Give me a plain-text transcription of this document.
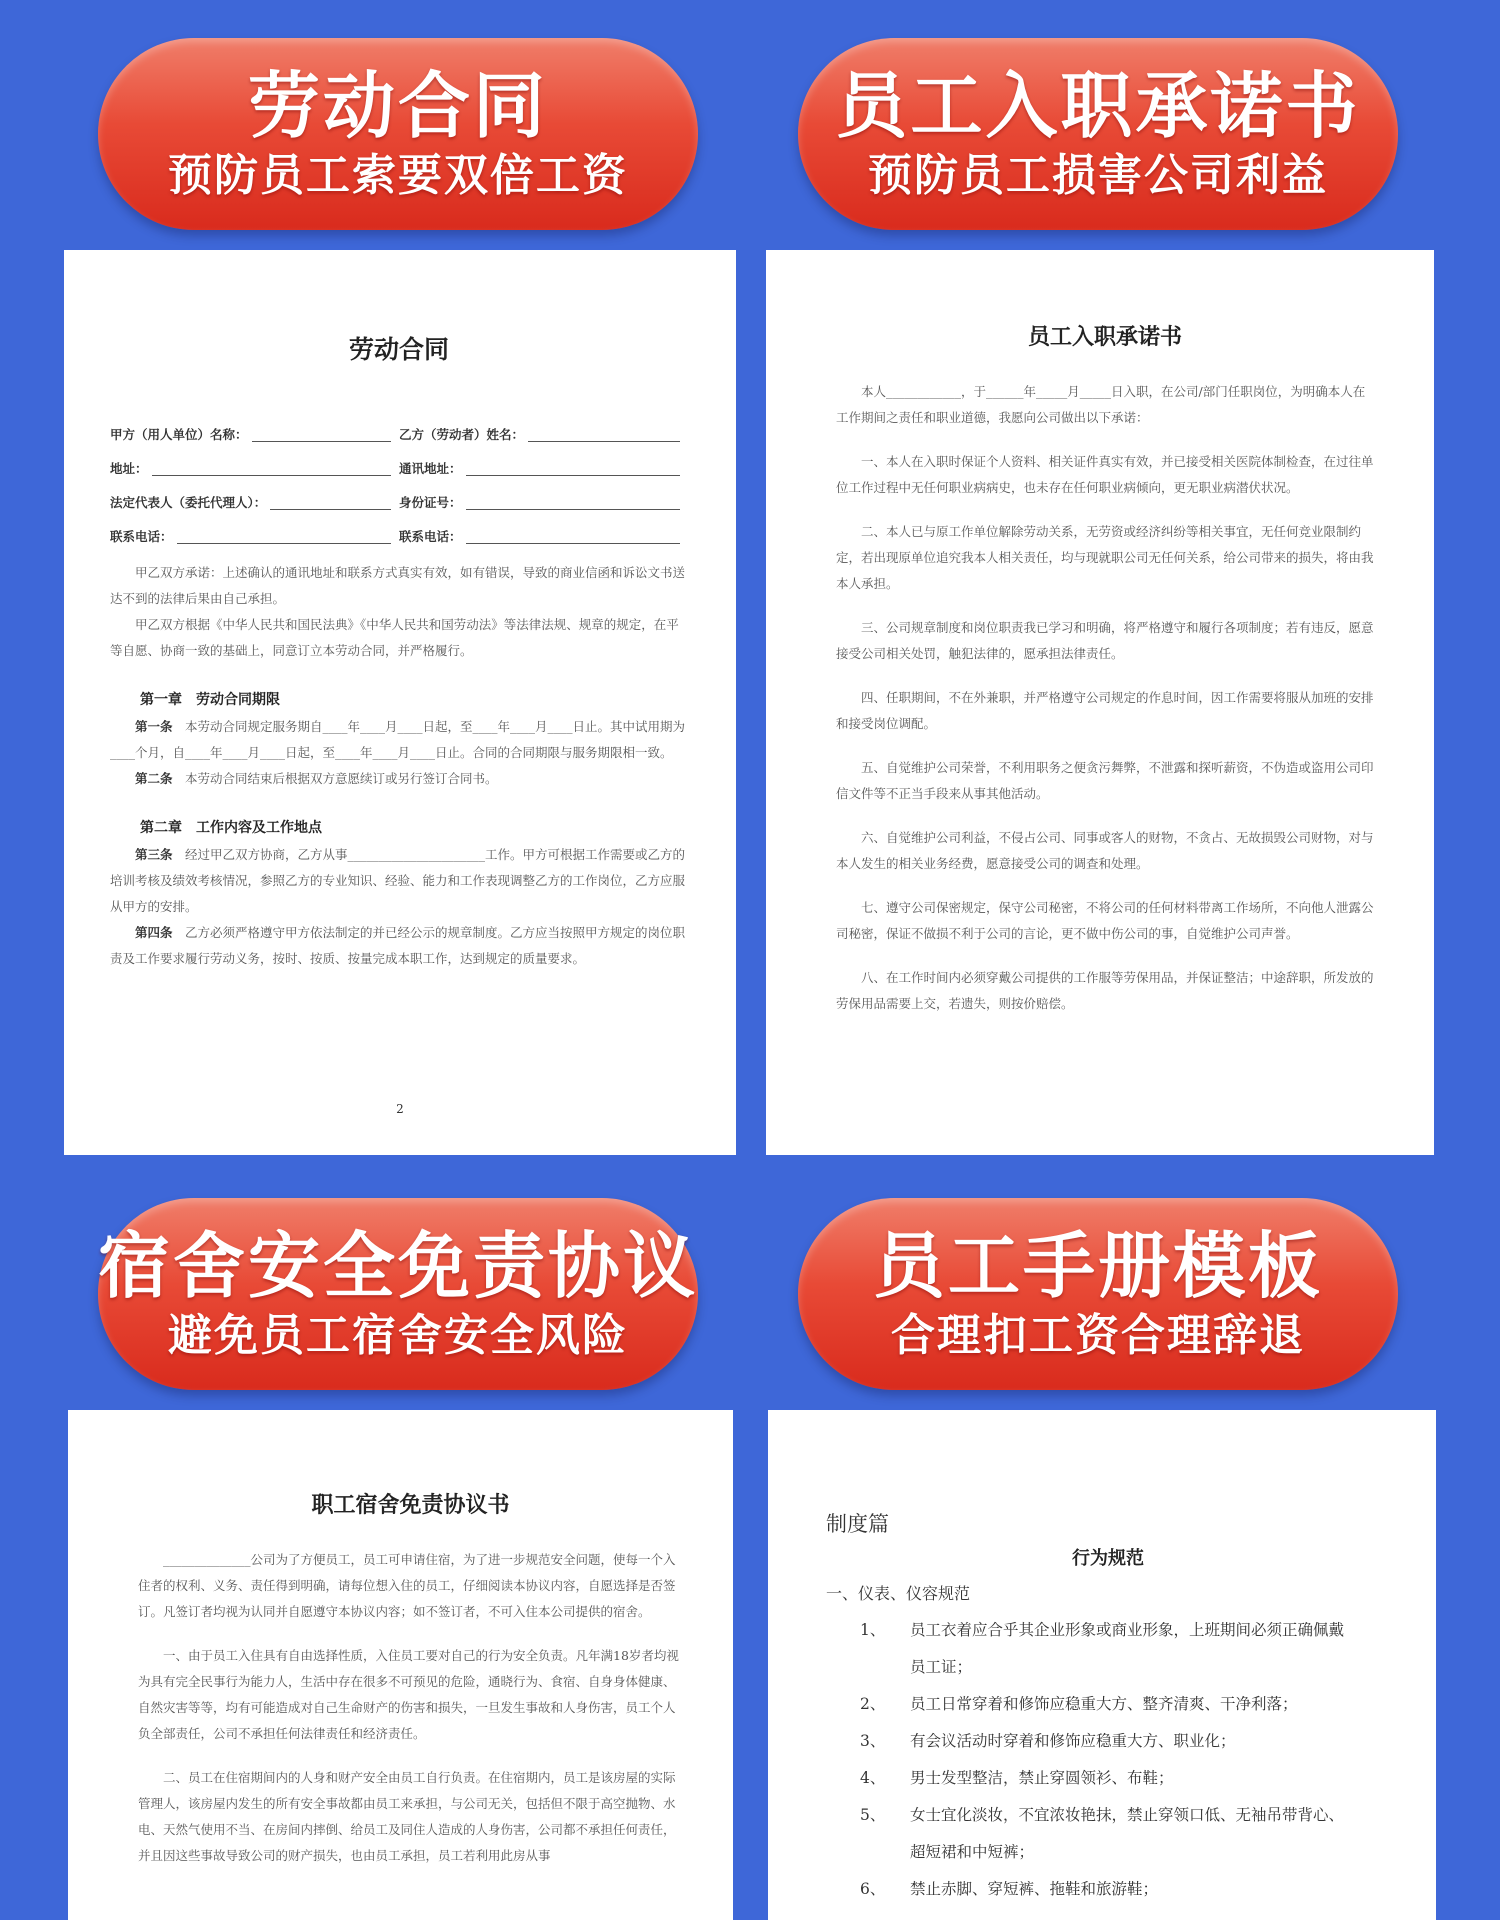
劳动合同
预防员工索要双倍工资
员工入职承诺书
预防员工损害公司利益
宿舍安全免责协议
避免员工宿舍安全风险
员工手册模板
合理扣工资合理辞退
劳动合同
甲方（用人单位）名称：	乙方（劳动者）姓名：
地址：	通讯地址：
法定代表人（委托代理人）：	身份证号：
联系电话：	联系电话：
甲乙双方承诺：上述确认的通讯地址和联系方式真实有效，如有错误，导致的商业信函和诉讼文书送达不到的法律后果由自己承担。
甲乙双方根据《中华人民共和国民法典》《中华人民共和国劳动法》等法律法规、规章的规定，在平等自愿、协商一致的基础上，同意订立本劳动合同，并严格履行。
第一章　劳动合同期限
第一条　 本劳动合同规定服务期自____年____月____日起，至____年____月____日止。其中试用期为____个月，自____年____月____日起，至____年____月____日止。合同的合同期限与服务期限相一致。
第二条　 本劳动合同结束后根据双方意愿续订或另行签订合同书。
第二章　工作内容及工作地点
第三条　 经过甲乙双方协商，乙方从事______________________工作。甲方可根据工作需要或乙方的培训考核及绩效考核情况，参照乙方的专业知识、经验、能力和工作表现调整乙方的工作岗位，乙方应服从甲方的安排。
第四条　 乙方必须严格遵守甲方依法制定的并已经公示的规章制度。乙方应当按照甲方规定的岗位职责及工作要求履行劳动义务，按时、按质、按量完成本职工作，达到规定的质量要求。
2
员工入职承诺书
本人____________，于______年_____月_____日入职，在公司/部门任职岗位，为明确本人在工作期间之责任和职业道德，我愿向公司做出以下承诺：
一、本人在入职时保证个人资料、相关证件真实有效，并已接受相关医院体制检查，在过往单位工作过程中无任何职业病病史，也未存在任何职业病倾向，更无职业病潜伏状况。
二、本人已与原工作单位解除劳动关系，无劳资或经济纠纷等相关事宜，无任何竞业限制约定，若出现原单位追究我本人相关责任，均与现就职公司无任何关系，给公司带来的损失，将由我本人承担。
三、公司规章制度和岗位职责我已学习和明确，将严格遵守和履行各项制度；若有违反，愿意接受公司相关处罚，触犯法律的，愿承担法律责任。
四、任职期间，不在外兼职，并严格遵守公司规定的作息时间，因工作需要将服从加班的安排和接受岗位调配。
五、自觉维护公司荣誉，不利用职务之便贪污舞弊，不泄露和探听薪资，不伪造或盗用公司印信文件等不正当手段来从事其他活动。
六、自觉维护公司利益，不侵占公司、同事或客人的财物，不贪占、无故损毁公司财物，对与本人发生的相关业务经费，愿意接受公司的调查和处理。
七、遵守公司保密规定，保守公司秘密，不将公司的任何材料带离工作场所，不向他人泄露公司秘密，保证不做损不利于公司的言论，更不做中伤公司的事，自觉维护公司声誉。
八、在工作时间内必须穿戴公司提供的工作服等劳保用品，并保证整洁；中途辞职，所发放的劳保用品需要上交，若遗失，则按价赔偿。
职工宿舍免责协议书
______________公司为了方便员工，员工可申请住宿，为了进一步规范安全问题，使每一个入住者的权利、义务、责任得到明确，请每位想入住的员工，仔细阅读本协议内容，自愿选择是否签订。凡签订者均视为认同并自愿遵守本协议内容；如不签订者，不可入住本公司提供的宿舍。
一、由于员工入住具有自由选择性质，入住员工要对自己的行为安全负责。凡年满18岁者均视为具有完全民事行为能力人，生活中存在很多不可预见的危险，通晓行为、食宿、自身身体健康、自然灾害等等，均有可能造成对自己生命财产的伤害和损失，一旦发生事故和人身伤害，员工个人负全部责任，公司不承担任何法律责任和经济责任。
二、员工在住宿期间内的人身和财产安全由员工自行负责。在住宿期内，员工是该房屋的实际管理人，该房屋内发生的所有安全事故都由员工来承担，与公司无关，包括但不限于高空抛物、水电、天然气使用不当、在房间内摔倒、给员工及同住人造成的人身伤害，公司都不承担任何责任，并且因这些事故导致公司的财产损失，也由员工承担，员工若利用此房从事
制度篇
行为规范
一、仪表、仪容规范
1、	员工衣着应合乎其企业形象或商业形象，上班期间必须正确佩戴员工证；
2、	员工日常穿着和修饰应稳重大方、整齐清爽、干净利落；
3、	有会议活动时穿着和修饰应稳重大方、职业化；
4、	男士发型整洁，禁止穿圆领衫、布鞋；
5、	女士宜化淡妆，不宜浓妆艳抹，禁止穿领口低、无袖吊带背心、超短裙和中短裤；
6、	禁止赤脚、穿短裤、拖鞋和旅游鞋；
